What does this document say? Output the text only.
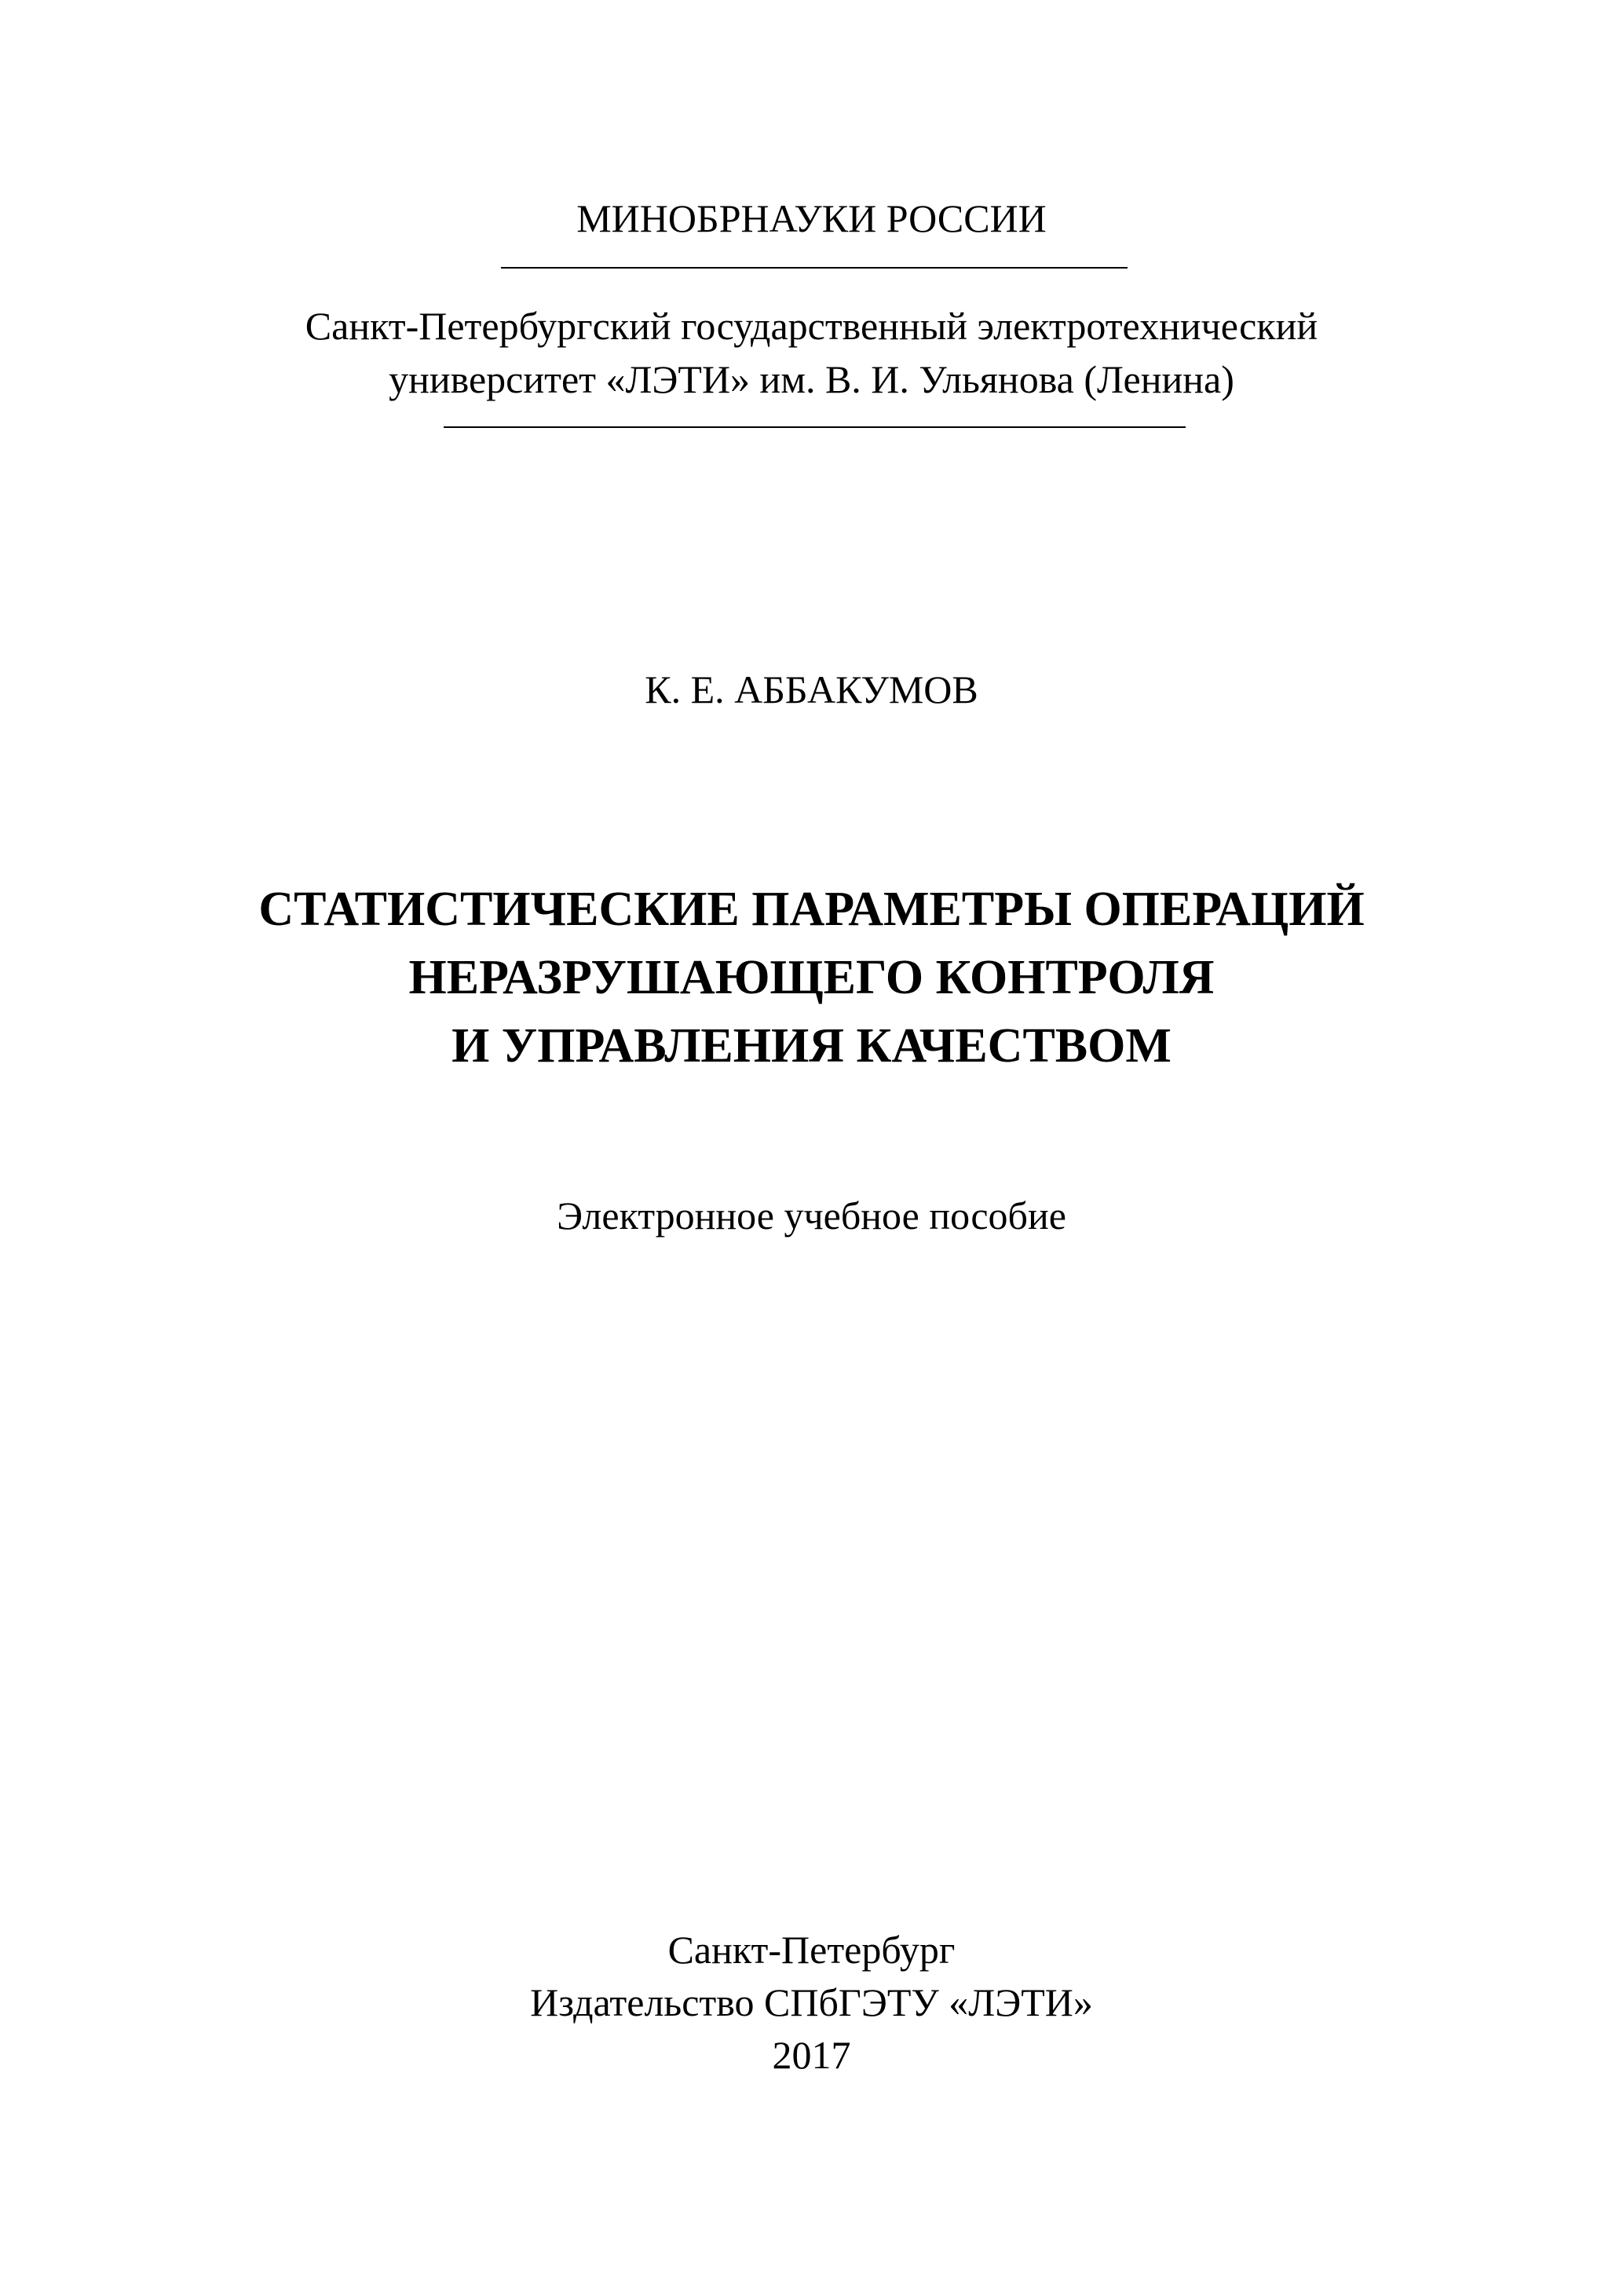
МИНОБРНАУКИ РОССИИ
Санкт-Петербургский государственный электротехнический
университет «ЛЭТИ» им. В. И. Ульянова (Ленина)
К. Е. АББАКУМОВ
СТАТИСТИЧЕСКИЕ ПАРАМЕТРЫ ОПЕРАЦИЙ
НЕРАЗРУШАЮЩЕГО КОНТРОЛЯ
И УПРАВЛЕНИЯ КАЧЕСТВОМ
Электронное учебное пособие
Санкт-Петербург
Издательство СПбГЭТУ «ЛЭТИ»
2017
